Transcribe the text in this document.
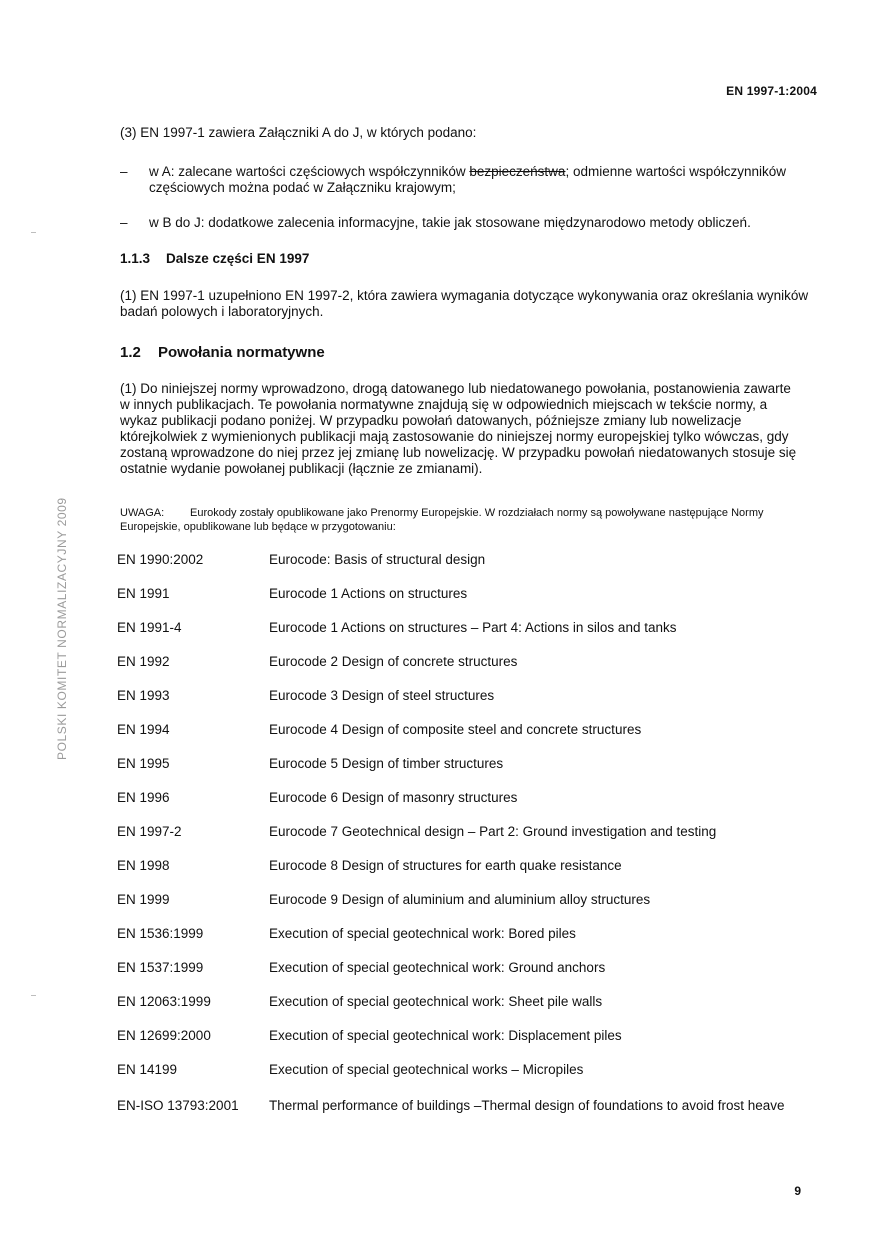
EN 1997-1:2004
POLSKI KOMITET NORMALIZACYJNY 2009
(3) EN 1997-1 zawiera Załączniki A do J, w których podano:
– w A: zalecane wartości częściowych współczynników bezpieczeństwa; odmienne wartości współczynników częściowych można podać w Załączniku krajowym;
– w B do J: dodatkowe zalecenia informacyjne, takie jak stosowane międzynarodowo metody obliczeń.
1.1.3 Dalsze części EN 1997
(1) EN 1997-1 uzupełniono EN 1997-2, która zawiera wymagania dotyczące wykonywania oraz określania wyników badań polowych i laboratoryjnych.
1.2 Powołania normatywne
(1) Do niniejszej normy wprowadzono, drogą datowanego lub niedatowanego powołania, postanowienia zawarte w innych publikacjach. Te powołania normatywne znajdują się w odpowiednich miejscach w tekście normy, a wykaz publikacji podano poniżej. W przypadku powołań datowanych, późniejsze zmiany lub nowelizacje którejkolwiek z wymienionych publikacji mają zastosowanie do niniejszej normy europejskiej tylko wówczas, gdy zostaną wprowadzone do niej przez jej zmianę lub nowelizację. W przypadku powołań niedatowanych stosuje się ostatnie wydanie powołanej publikacji (łącznie ze zmianami).
UWAGA: Eurokody zostały opublikowane jako Prenormy Europejskie. W rozdziałach normy są powoływane następujące Normy Europejskie, opublikowane lub będące w przygotowaniu:
EN 1990:2002	Eurocode: Basis of structural design
EN 1991	Eurocode 1 Actions on structures
EN 1991-4	Eurocode 1 Actions on structures – Part 4: Actions in silos and tanks
EN 1992	Eurocode 2 Design of concrete structures
EN 1993	Eurocode 3 Design of steel structures
EN 1994	Eurocode 4 Design of composite steel and concrete structures
EN 1995	Eurocode 5 Design of timber structures
EN 1996	Eurocode 6 Design of masonry structures
EN 1997-2	Eurocode 7 Geotechnical design – Part 2: Ground investigation and testing
EN 1998	Eurocode 8 Design of structures for earth quake resistance
EN 1999	Eurocode 9 Design of aluminium and aluminium alloy structures
EN 1536:1999	Execution of special geotechnical work: Bored piles
EN 1537:1999	Execution of special geotechnical work: Ground anchors
EN 12063:1999	Execution of special geotechnical work: Sheet pile walls
EN 12699:2000	Execution of special geotechnical work: Displacement piles
EN 14199	Execution of special geotechnical works – Micropiles
EN-ISO 13793:2001	Thermal performance of buildings –Thermal design of foundations to avoid frost heave
9
